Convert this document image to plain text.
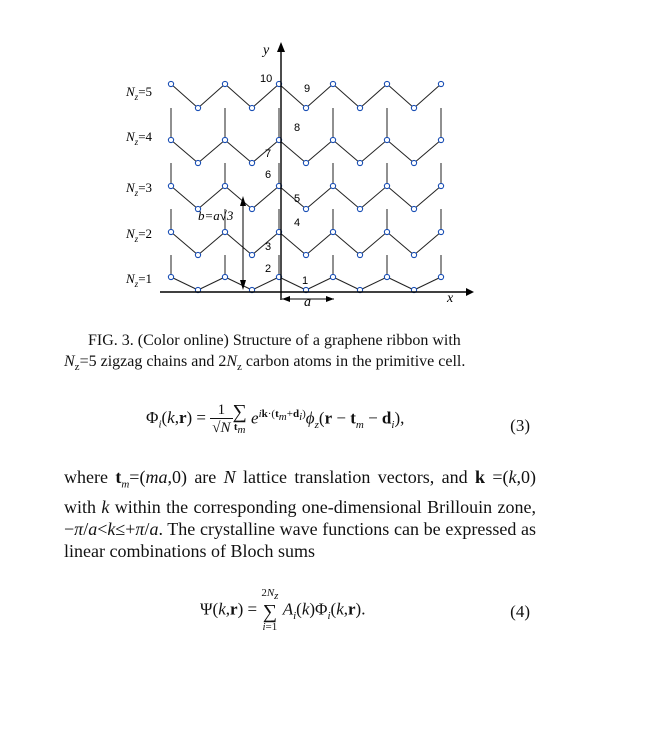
x
y
a
b=a√3
$N_z=5$
$N_z=4$
$N_z=3$
$N_z=2$
$N_z=1$	1
2
3
4
5
6
7
8
9
10
FIG. 3. (Color online) Structure of a graphene ribbon with
$N_z=5$ zigzag chains and $2N_z$ carbon atoms in the primitive cell.
$\Phi_i(k,r) = \frac{1}{√N}$ ∑
$t_m$
$e^{ik\cdot(t_m+d_i)}\phi_z(r - t_m - d_i)$,	(3)
where $t_m=(ma,0)$ are N lattice translation vectors, and k =(k,0) with k within the corresponding one-dimensional Brillouin zone, −π/a<k≤+π/a. The crystalline wave functions can be expressed as linear combinations of Bloch sums
Ψ(k,r) =
$2N_z$
∑
i=1
$A_i(k)\Phi_i(k,r)$.	(4)
